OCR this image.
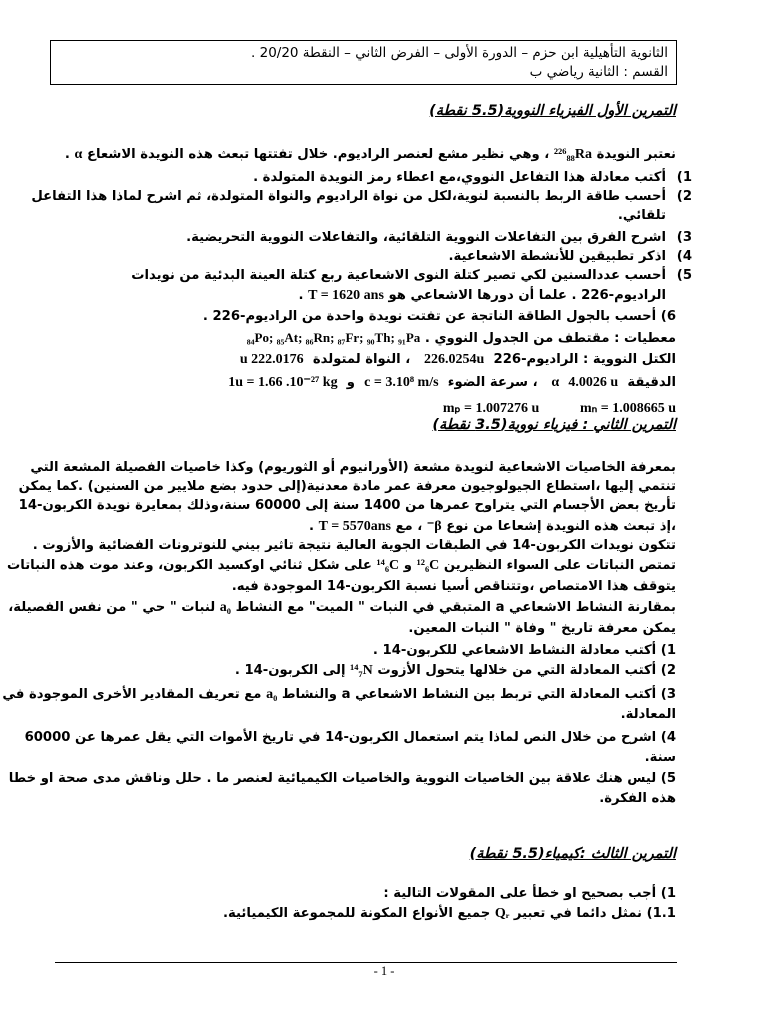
الثانوية التأهيلية ابن حزم – الدورة الأولى – الفرض الثاني – النقطة 20/20 .
القسم : الثانية رياضي ب
التمرين الأول الفيزياء النووية(5.5 نقطة)
نعتبر النويدة ²²⁶₈₈Ra ، وهي نظير مشع لعنصر الراديوم. خلال تفتتها تبعث هذه النويدة الاشعاع α .
1)
أكتب معادلة هذا التفاعل النووي،مع اعطاء رمز النويدة المتولدة .
2)
أحسب طاقة الربط بالنسبة لنوية،لكل من نواة الراديوم والنواة المتولدة، ثم اشرح لماذا هذا التفاعل
تلقائي.
3)
اشرح الفرق بين التفاعلات النووية التلقائية، والتفاعلات النووية التحريضية.
4)
اذكر تطبيقين للأنشطة الاشعاعية.
5)
أحسب عددالسنين لكي تصير كتلة النوى الاشعاعية ربع كتلة العينة البدئية من نويدات
الراديوم-226 . علما أن دورها الاشعاعي هو T = 1620 ans .
6) أحسب بالجول الطاقة الناتجة عن تفتت نويدة واحدة من الراديوم-226 .
معطيات : مقتطف من الجدول النووي . ₈₄Po; ₈₅At; ₈₆Rn; ₈₇Fr; ₉₀Th; ₉₁Pa
الكتل النووية : الراديوم-226  226.0254u   ، النواة لمتولدة  222.0176 u
الدقيقة  α 4.0026 u   ، سرعة الضوء  c = 3.10⁸ m/s  و  1u = 1.66 .10⁻²⁷ kg
mₚ = 1.007276 u	mₙ = 1.008665 u
التمرين الثاني : فيزياء نووية(3.5 نقطة)
بمعرفة الخاصيات الاشعاعية لنويدة مشعة (الأورانيوم أو الثوريوم) وكذا خاصيات الفصيلة المشعة التي
تنتمي إليها ،استطاع الجيولوجيون معرفة عمر مادة معدنية(إلى حدود بضع ملايير من السنين) .كما يمكن
تأريخ بعض الأجسام التي يتراوح عمرها من 1400 سنة إلى 60000 سنة،وذلك بمعايرة نويدة الكربون-14
،إذ تبعث هذه النويدة إشعاعا من نوع β⁻ ، مع T = 5570ans .
تتكون نويدات الكربون-14 في الطبقات الجوية العالية نتيجة تاثير بيني للنوترونات الفضائية والأزوت .
تمتص النباتات على السواء النظيرين ¹²₆C و ¹⁴₆C على شكل ثنائي اوكسيد الكربون، وعند موت هذه النباتات
يتوقف هذا الامتصاص ،وتتناقص أسيا نسبة الكربون-14 الموجودة فيه.
بمقارنة النشاط الاشعاعي a المتبقي في النبات " الميت" مع النشاط a₀ لنبات " حي " من نفس الفصيلة،
يمكن معرفة تاريخ " وفاة " النبات المعين.
1) أكتب معادلة النشاط الاشعاعي للكربون-14 .
2) أكتب المعادلة التي من خلالها يتحول الأزوت ¹⁴₇N إلى الكربون-14 .
3) أكتب المعادلة التي تربط بين النشاط الاشعاعي a والنشاط a₀ مع تعريف المقادير الأخرى الموجودة في
المعادلة.
4) اشرح من خلال النص لماذا يتم استعمال الكربون-14 في تاريخ الأموات التي يقل عمرها عن 60000
سنة.
5) ليس هنك علاقة بين الخاصيات النووية والخاصيات الكيميائية لعنصر ما . حلل وناقش مدى صحة او خطا
هذه الفكرة.
التمرين الثالث :كيمياء(5.5 نقطة)
1) أجب بصحيح او خطأ على المقولات التالية :
1.1) نمثل دائما في تعبير Qᵣ جميع الأنواع المكونة للمجموعة الكيميائية.
- 1 -
